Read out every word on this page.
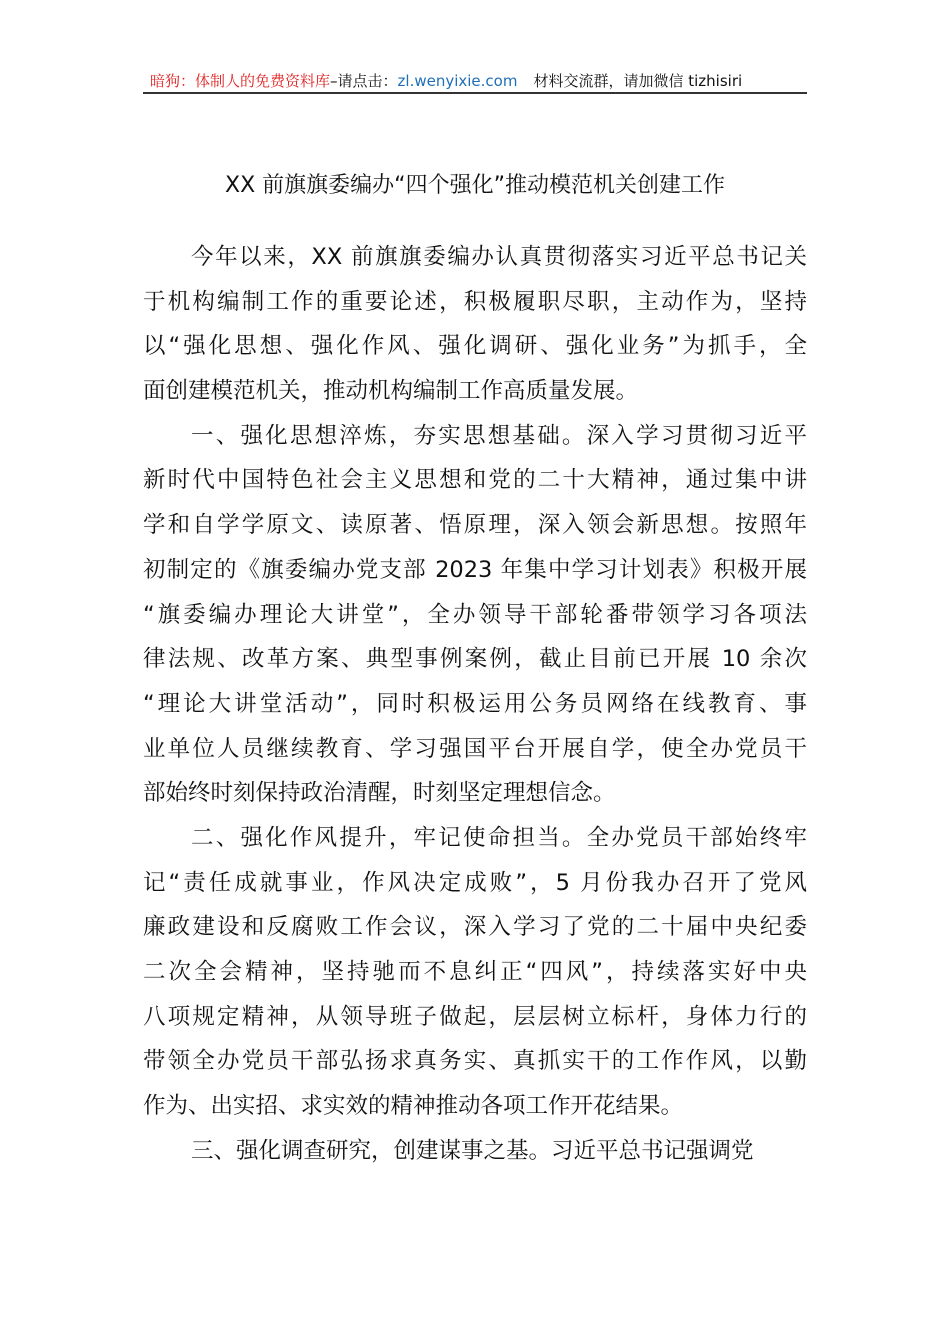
暗狗：体制人的免费资料库–请点击：zl.wenyixie.com 材料交流群，请加微信 tizhisiri
XX 前旗旗委编办“四个强化”推动模范机关创建工作
今年以来，XX 前旗旗委编办认真贯彻落实习近平总书记关
于机构编制工作的重要论述，积极履职尽职，主动作为，坚持
以“强化思想、强化作风、强化调研、强化业务”为抓手，全
面创建模范机关，推动机构编制工作高质量发展。
一、强化思想淬炼，夯实思想基础。深入学习贯彻习近平
新时代中国特色社会主义思想和党的二十大精神，通过集中讲
学和自学学原文、读原著、悟原理，深入领会新思想。按照年
初制定的《旗委编办党支部 2023 年集中学习计划表》积极开展
“旗委编办理论大讲堂”，全办领导干部轮番带领学习各项法
律法规、改革方案、典型事例案例，截止目前已开展 10 余次
“理论大讲堂活动”，同时积极运用公务员网络在线教育、事
业单位人员继续教育、学习强国平台开展自学，使全办党员干
部始终时刻保持政治清醒，时刻坚定理想信念。
二、强化作风提升，牢记使命担当。全办党员干部始终牢
记“责任成就事业，作风决定成败”，5 月份我办召开了党风
廉政建设和反腐败工作会议，深入学习了党的二十届中央纪委
二次全会精神，坚持驰而不息纠正“四风”，持续落实好中央
八项规定精神，从领导班子做起，层层树立标杆，身体力行的
带领全办党员干部弘扬求真务实、真抓实干的工作作风，以勤
作为、出实招、求实效的精神推动各项工作开花结果。
三、强化调查研究，创建谋事之基。习近平总书记强调党
